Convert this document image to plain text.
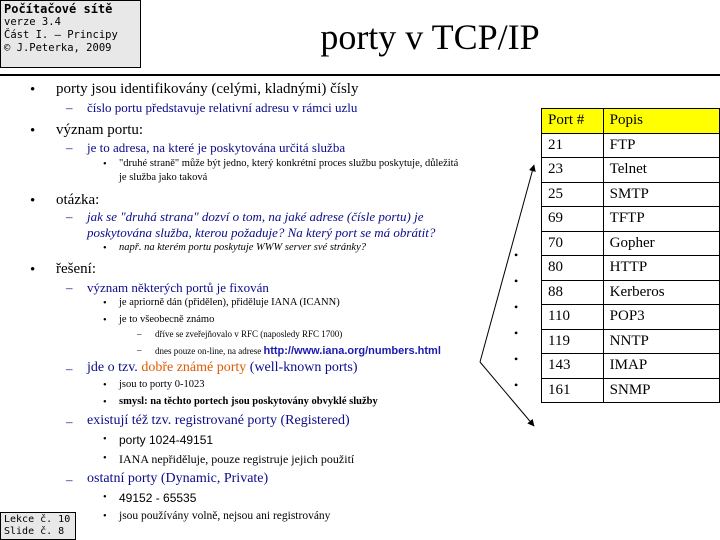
Počítačové sítě
verze 3.4
Část I. – Principy
© J.Peterka, 2009	porty v TCP/IP
• porty jsou identifikovány (celými, kladnými) čísly
– číslo portu představuje relativní adresu v rámci uzlu
• význam portu:
– je to adresa, na které je poskytována určitá služba
• "druhé straně" může být jedno, který konkrétní proces službu poskytuje, důležitá
je služba jako taková
• otázka:
– jak se "druhá strana" dozví o tom, na jaké adrese (čísle portu) je
poskytována služba, kterou požaduje? Na který port se má obrátit?
• např. na kterém portu poskytuje WWW server své stránky?
• řešení:
– význam některých portů je fixován
• je apriorně dán (přidělen), přiděluje IANA (ICANN)
• je to všeobecně známo
– dříve se zveřejňovalo v RFC (naposledy RFC 1700)
– dnes pouze on-line, na adrese http://www.iana.org/numbers.html
– jde o tzv. dobře známé porty (well-known ports)
• jsou to porty 0-1023
• smysl: na těchto portech jsou poskytovány obvyklé služby
– existují též tzv. registrované porty (Registered)
• porty 1024-49151
• IANA nepřiděluje, pouze registruje jejich použití
– ostatní porty (Dynamic, Private)
• 49152 - 65535
• jsou používány volně, nejsou ani registrovány
•
•
•
•
•
•
Port #	Popis
21	FTP
23	Telnet
25	SMTP
69	TFTP
70	Gopher
80	HTTP
88	Kerberos
110	POP3
119	NNTP
143	IMAP
161	SNMP
Lekce č. 10
Slide č. 8
